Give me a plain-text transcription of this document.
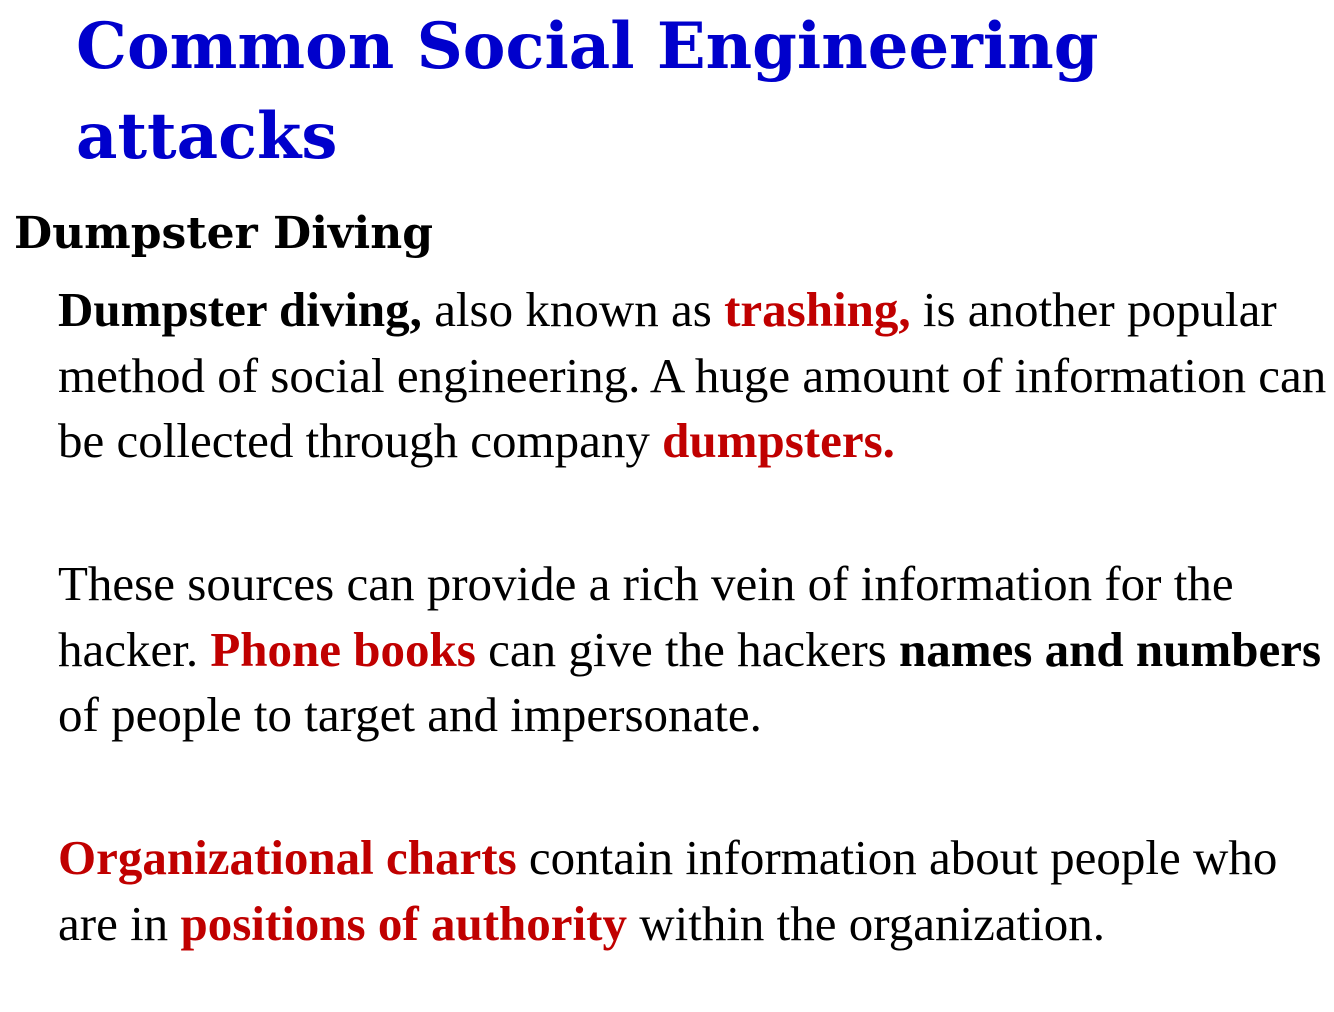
Common Social Engineering attacks
Dumpster Diving

Dumpster diving, also known as trashing, is another popular method of social engineering. A huge amount of information can be collected through company dumpsters.

These sources can provide a rich vein of information for the hacker. Phone books can give the hackers names and numbers of people to target and impersonate.

Organizational charts contain information about people who are in positions of authority within the organization.
